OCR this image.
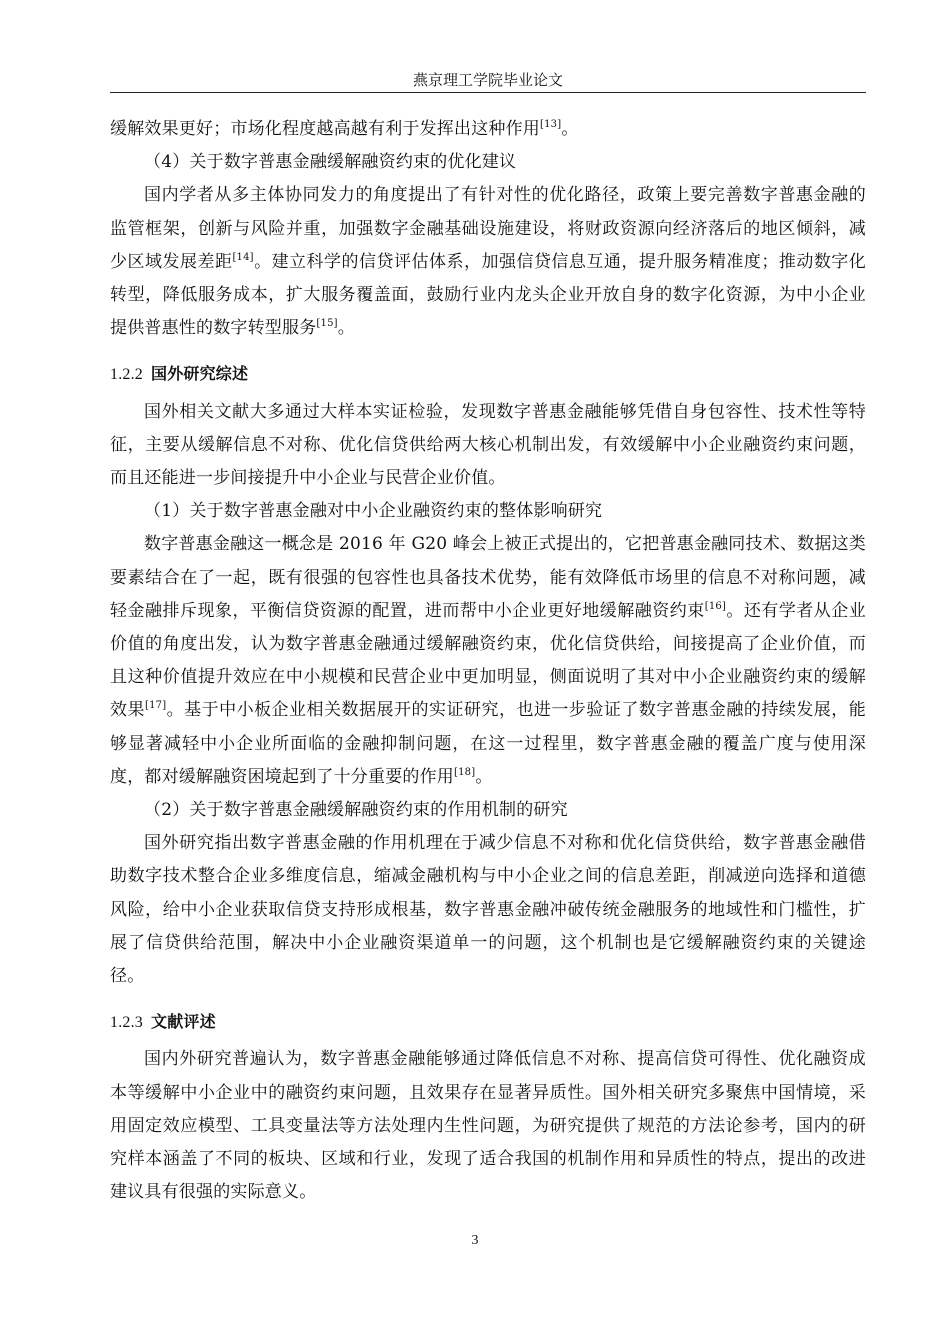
燕京理工学院毕业论文

缓解效果更好；市场化程度越高越有利于发挥出这种作用[13]。

（4）关于数字普惠金融缓解融资约束的优化建议

国内学者从多主体协同发力的角度提出了有针对性的优化路径，政策上要完善数字普惠金融的监管框架，创新与风险并重，加强数字金融基础设施建设，将财政资源向经济落后的地区倾斜，减少区域发展差距[14]。建立科学的信贷评估体系，加强信贷信息互通，提升服务精准度；推动数字化转型，降低服务成本，扩大服务覆盖面，鼓励行业内龙头企业开放自身的数字化资源，为中小企业提供普惠性的数字转型服务[15]。

1.2.2 国外研究综述

国外相关文献大多通过大样本实证检验，发现数字普惠金融能够凭借自身包容性、技术性等特征，主要从缓解信息不对称、优化信贷供给两大核心机制出发，有效缓解中小企业融资约束问题，而且还能进一步间接提升中小企业与民营企业价值。

（1）关于数字普惠金融对中小企业融资约束的整体影响研究

数字普惠金融这一概念是 2016 年 G20 峰会上被正式提出的，它把普惠金融同技术、数据这类要素结合在了一起，既有很强的包容性也具备技术优势，能有效降低市场里的信息不对称问题，减轻金融排斥现象，平衡信贷资源的配置，进而帮中小企业更好地缓解融资约束[16]。还有学者从企业价值的角度出发，认为数字普惠金融通过缓解融资约束，优化信贷供给，间接提高了企业价值，而且这种价值提升效应在中小规模和民营企业中更加明显，侧面说明了其对中小企业融资约束的缓解效果[17]。基于中小板企业相关数据展开的实证研究，也进一步验证了数字普惠金融的持续发展，能够显著减轻中小企业所面临的金融抑制问题，在这一过程里，数字普惠金融的覆盖广度与使用深度，都对缓解融资困境起到了十分重要的作用[18]。

（2）关于数字普惠金融缓解融资约束的作用机制的研究

国外研究指出数字普惠金融的作用机理在于减少信息不对称和优化信贷供给，数字普惠金融借助数字技术整合企业多维度信息，缩减金融机构与中小企业之间的信息差距，削减逆向选择和道德风险，给中小企业获取信贷支持形成根基，数字普惠金融冲破传统金融服务的地域性和门槛性，扩展了信贷供给范围，解决中小企业融资渠道单一的问题，这个机制也是它缓解融资约束的关键途径。

1.2.3 文献评述

国内外研究普遍认为，数字普惠金融能够通过降低信息不对称、提高信贷可得性、优化融资成本等缓解中小企业中的融资约束问题，且效果存在显著异质性。国外相关研究多聚焦中国情境，采用固定效应模型、工具变量法等方法处理内生性问题，为研究提供了规范的方法论参考，国内的研究样本涵盖了不同的板块、区域和行业，发现了适合我国的机制作用和异质性的特点，提出的改进建议具有很强的实际意义。

3
